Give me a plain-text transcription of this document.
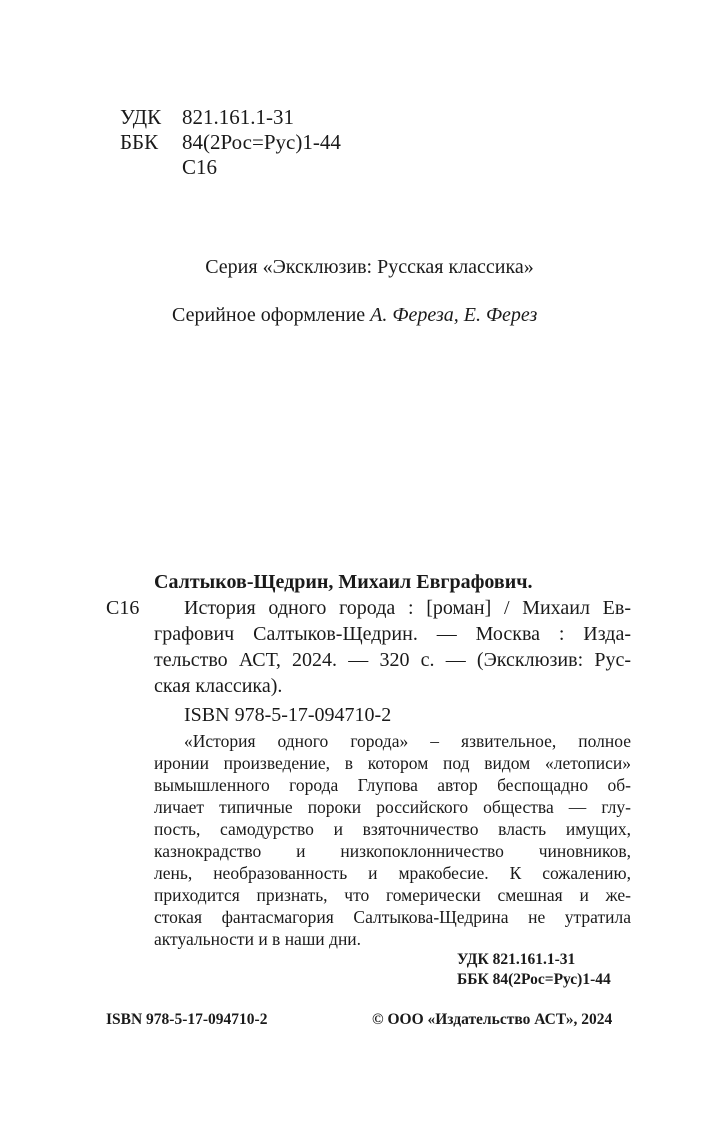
УДК 821.161.1-31
ББК 84(2Рос=Рус)1-44
С16
Серия «Эксклюзив: Русская классика»
Серийное оформление А. Фереза, Е. Ферез
Салтыков-Щедрин, Михаил Евграфович.
С16 История одного города : [роман] / Михаил Ев-
графович Салтыков-Щедрин. — Москва : Изда-
тельство АСТ, 2024. — 320 с. — (Эксклюзив: Рус-
ская классика).
ISBN 978-5-17-094710-2
«История одного города» – язвительное, полное
иронии произведение, в котором под видом «летописи»
вымышленного города Глупова автор беспощадно об-
личает типичные пороки российского общества — глу-
пость, самодурство и взяточничество власть имущих,
казнокрадство и низкопоклонничество чиновников,
лень, необразованность и мракобесие. К сожалению,
приходится признать, что гомерически смешная и же-
стокая фантасмагория Салтыкова-Щедрина не утратила
актуальности и в наши дни.
УДК 821.161.1-31
ББК 84(2Рос=Рус)1-44
ISBN 978-5-17-094710-2	© ООО «Издательство АСТ», 2024
